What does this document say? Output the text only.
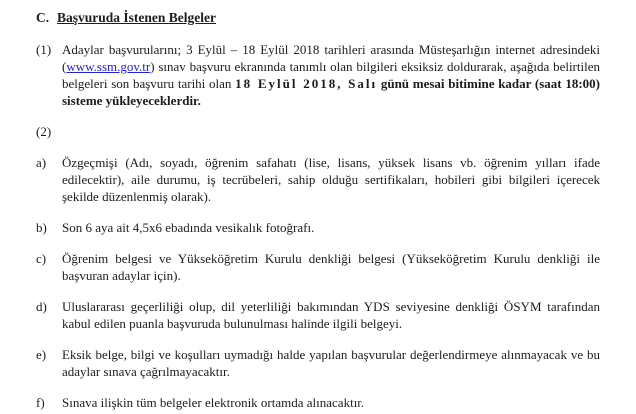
C. Başvuruda İstenen Belgeler
(1) Adaylar başvurularını; 3 Eylül – 18 Eylül 2018 tarihleri arasında Müsteşarlığın internet adresindeki (www.ssm.gov.tr) sınav başvuru ekranında tanımlı olan bilgileri eksiksiz doldurarak, aşağıda belirtilen belgeleri son başvuru tarihi olan 18 Eylül 2018, Salı günü mesai bitimine kadar (saat 18:00) sisteme yükleyeceklerdir.
(2)
a)	Özgeçmişi (Adı, soyadı, öğrenim safahatı (lise, lisans, yüksek lisans vb. öğrenim yılları ifade edilecektir), aile durumu, iş tecrübeleri, sahip olduğu sertifikaları, hobileri gibi bilgileri içerecek şekilde düzenlenmiş olarak).
b)	Son 6 aya ait 4,5x6 ebadında vesikalık fotoğrafı.
c)	Öğrenim belgesi ve Yükseköğretim Kurulu denkliği belgesi (Yükseköğretim Kurulu denkliği ile başvuran adaylar için).
d)	Uluslararası geçerliliği olup, dil yeterliliği bakımından YDS seviyesine denkliği ÖSYM tarafından kabul edilen puanla başvuruda bulunulması halinde ilgili belgeyi.
e)	Eksik belge, bilgi ve koşulları uymadığı halde yapılan başvurular değerlendirmeye alınmayacak ve bu adaylar sınava çağrılmayacaktır.
f)	Sınava ilişkin tüm belgeler elektronik ortamda alınacaktır.
